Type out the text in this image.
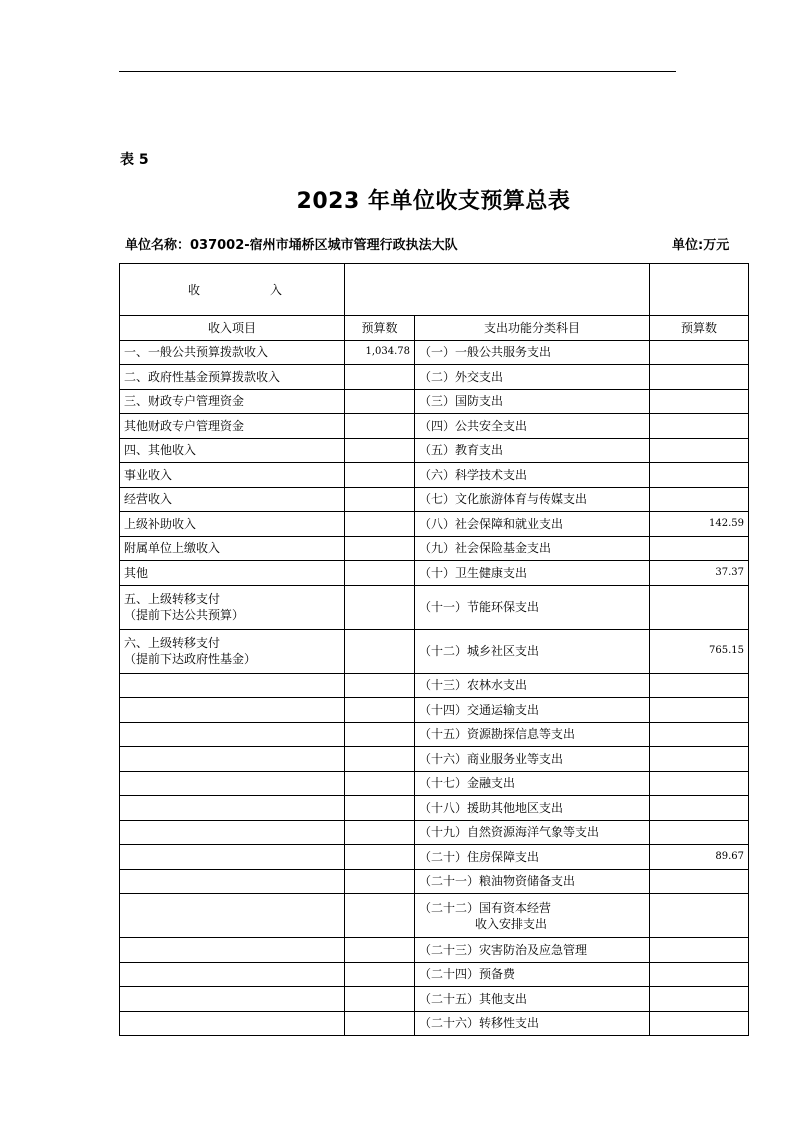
表 5
2023 年单位收支预算总表
单位名称：037002-宿州市埇桥区城市管理行政执法大队	单位:万元
收 入			
收入项目	预算数	支出功能分类科目	预算数
一、一般公共预算拨款收入	1,034.78	（一）一般公共服务支出	
二、政府性基金预算拨款收入		（二）外交支出	
三、财政专户管理资金		（三）国防支出	
其他财政专户管理资金		（四）公共安全支出	
四、其他收入		（五）教育支出	
事业收入		（六）科学技术支出	
经营收入		（七）文化旅游体育与传媒支出	
上级补助收入		（八）社会保障和就业支出	142.59
附属单位上缴收入		（九）社会保险基金支出	
其他		（十）卫生健康支出	37.37

五、上级转移支付
（提前下达公共预算）		（十一）节能环保支出	

六、上级转移支付
（提前下达政府性基金）		（十二）城乡社区支出	765.15
		（十三）农林水支出	
		（十四）交通运输支出	
		（十五）资源勘探信息等支出	
		（十六）商业服务业等支出	
		（十七）金融支出	
		（十八）援助其他地区支出	
		（十九）自然资源海洋气象等支出	
		（二十）住房保障支出	89.67
		（二十一）粮油物资储备支出	

		（二十二）国有资本经营
收入安排支出	

		（二十三）灾害防治及应急管理	
		（二十四）预备费	
		（二十五）其他支出	
		（二十六）转移性支出	
